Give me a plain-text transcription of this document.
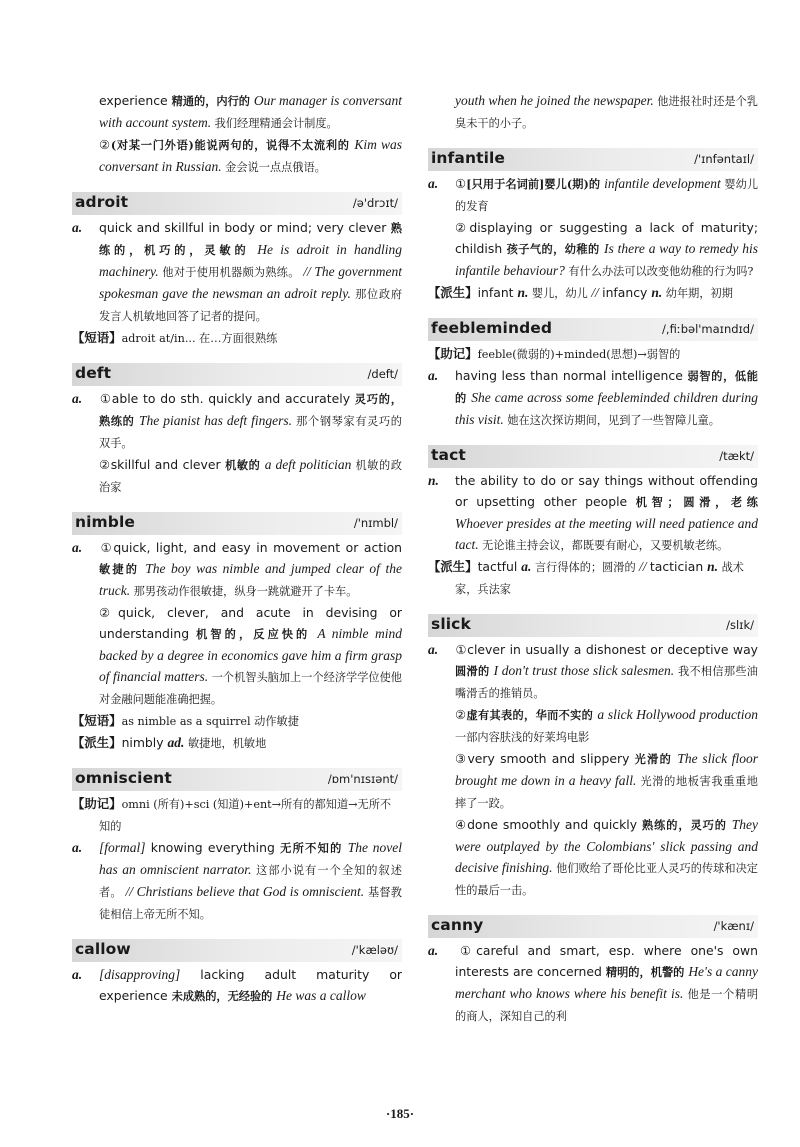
experience 精通的，内行的 Our manager is conversant with account system. 我们经理精通会计制度。

②(对某一门外语)能说两句的，说得不太流利的 Kim was conversant in Russian. 金会说一点点俄语。

adroit	/ə'drɔɪt/

a. quick and skillful in body or mind; very clever 熟练的，机巧的，灵敏的 He is adroit in handling machinery. 他对于使用机器颇为熟练。 // The government spokesman gave the newsman an adroit reply. 那位政府发言人机敏地回答了记者的提问。

【短语】adroit at/in... 在…方面很熟练

deft	/deft/

a. ①able to do sth. quickly and accurately 灵巧的，熟练的 The pianist has deft fingers. 那个钢琴家有灵巧的双手。

②skillful and clever 机敏的 a deft politician 机敏的政治家

nimble	/'nɪmbl/

a. ①quick, light, and easy in movement or action 敏捷的 The boy was nimble and jumped clear of the truck. 那男孩动作很敏捷，纵身一跳就避开了卡车。

②quick, clever, and acute in devising or understanding 机智的，反应快的 A nimble mind backed by a degree in economics gave him a firm grasp of financial matters. 一个机智头脑加上一个经济学学位使他对金融问题能准确把握。

【短语】as nimble as a squirrel 动作敏捷

【派生】nimbly ad. 敏捷地，机敏地

omniscient	/ɒm'nɪsɪənt/

【助记】omni (所有)+sci (知道)+ent→所有的都知道→无所不知的

a. [formal] knowing everything 无所不知的 The novel has an omniscient narrator. 这部小说有一个全知的叙述者。 // Christians believe that God is omniscient. 基督教徒相信上帝无所不知。

callow	/'kæləʊ/

a. [disapproving] lacking adult maturity or experience 未成熟的，无经验的 He was a callow

youth when he joined the newspaper. 他进报社时还是个乳臭未干的小子。

infantile	/'ɪnfəntaɪl/

a. ①[只用于名词前]婴儿(期)的 infantile development 婴幼儿的发育

②displaying or suggesting a lack of maturity; childish 孩子气的，幼稚的 Is there a way to remedy his infantile behaviour? 有什么办法可以改变他幼稚的行为吗?

【派生】infant n. 婴儿，幼儿 // infancy n. 幼年期，初期

feebleminded	/,fiːbəl'maɪndɪd/

【助记】feeble(微弱的)+minded(思想)→弱智的

a. having less than normal intelligence 弱智的，低能的 She came across some feebleminded children during this visit. 她在这次探访期间，见到了一些智障儿童。

tact	/tækt/

n. the ability to do or say things without offending or upsetting other people 机智；圆滑，老练 Whoever presides at the meeting will need patience and tact. 无论谁主持会议，都既要有耐心，又要机敏老练。

【派生】tactful a. 言行得体的；圆滑的 // tactician n. 战术家，兵法家

slick	/slɪk/

a. ①clever in usually a dishonest or deceptive way 圆滑的 I don't trust those slick salesmen. 我不相信那些油嘴滑舌的推销员。

②虚有其表的，华而不实的 a slick Hollywood production 一部内容肤浅的好莱坞电影

③very smooth and slippery 光滑的 The slick floor brought me down in a heavy fall. 光滑的地板害我重重地摔了一跤。

④done smoothly and quickly 熟练的，灵巧的 They were outplayed by the Colombians' slick passing and decisive finishing. 他们败给了哥伦比亚人灵巧的传球和决定性的最后一击。

canny	/'kænɪ/

a. ①careful and smart, esp. where one's own interests are concerned 精明的，机警的 He's a canny merchant who knows where his benefit is. 他是一个精明的商人，深知自己的利

·185·
